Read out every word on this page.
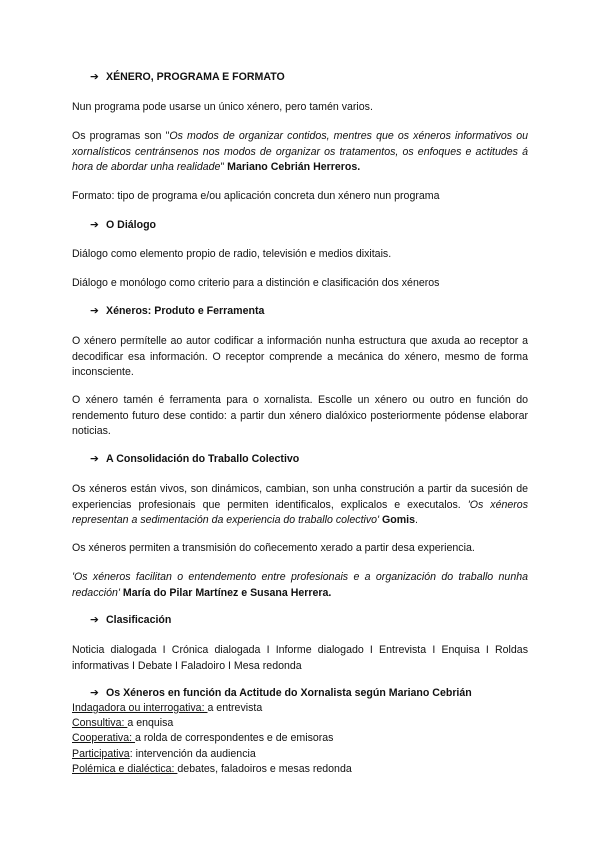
➔ XÉNERO, PROGRAMA E FORMATO
Nun programa pode usarse un único xénero, pero tamén varios.
Os programas son "Os modos de organizar contidos, mentres que os xéneros informativos ou xornalísticos centránsenos nos modos de organizar os tratamentos, os enfoques e actitudes á hora de abordar unha realidade" Mariano Cebrián Herreros.
Formato: tipo de programa e/ou aplicación concreta dun xénero nun programa
➔ O Diálogo
Diálogo como elemento propio de radio, televisión e medios dixitais.
Diálogo e monólogo como criterio para a distinción e clasificación dos xéneros
➔ Xéneros: Produto e Ferramenta
O xénero permítelle ao autor codificar a información nunha estructura que axuda ao receptor a decodificar esa información. O receptor comprende a mecánica do xénero, mesmo de forma inconsciente.
O xénero tamén é ferramenta para o xornalista. Escolle un xénero ou outro en función do rendemento futuro dese contido: a partir dun xénero dialóxico posteriormente pódense elaborar noticias.
➔ A Consolidación do Traballo Colectivo
Os xéneros están vivos, son dinámicos, cambian, son unha construción a partir da sucesión de experiencias profesionais que permiten identificalos, explicalos e executalos. 'Os xéneros representan a sedimentación da experiencia do traballo colectivo' Gomis.
Os xéneros permiten a transmisión do coñecemento xerado a partir desa experiencia.
'Os xéneros facilitan o entendemento entre profesionais e a organización do traballo nunha redacción' María do Pilar Martínez e Susana Herrera.
➔ Clasificación
Noticia dialogada I Crónica dialogada I Informe dialogado I Entrevista I Enquisa I Roldas informativas I Debate I Faladoiro I Mesa redonda
➔ Os Xéneros en función da Actitude do Xornalista según Mariano Cebrián
Indagadora ou interrogativa: a entrevista
Consultiva: a enquisa
Cooperativa: a rolda de correspondentes e de emisoras
Participativa: intervención da audiencia
Polémica e dialéctica: debates, faladoiros e mesas redonda
